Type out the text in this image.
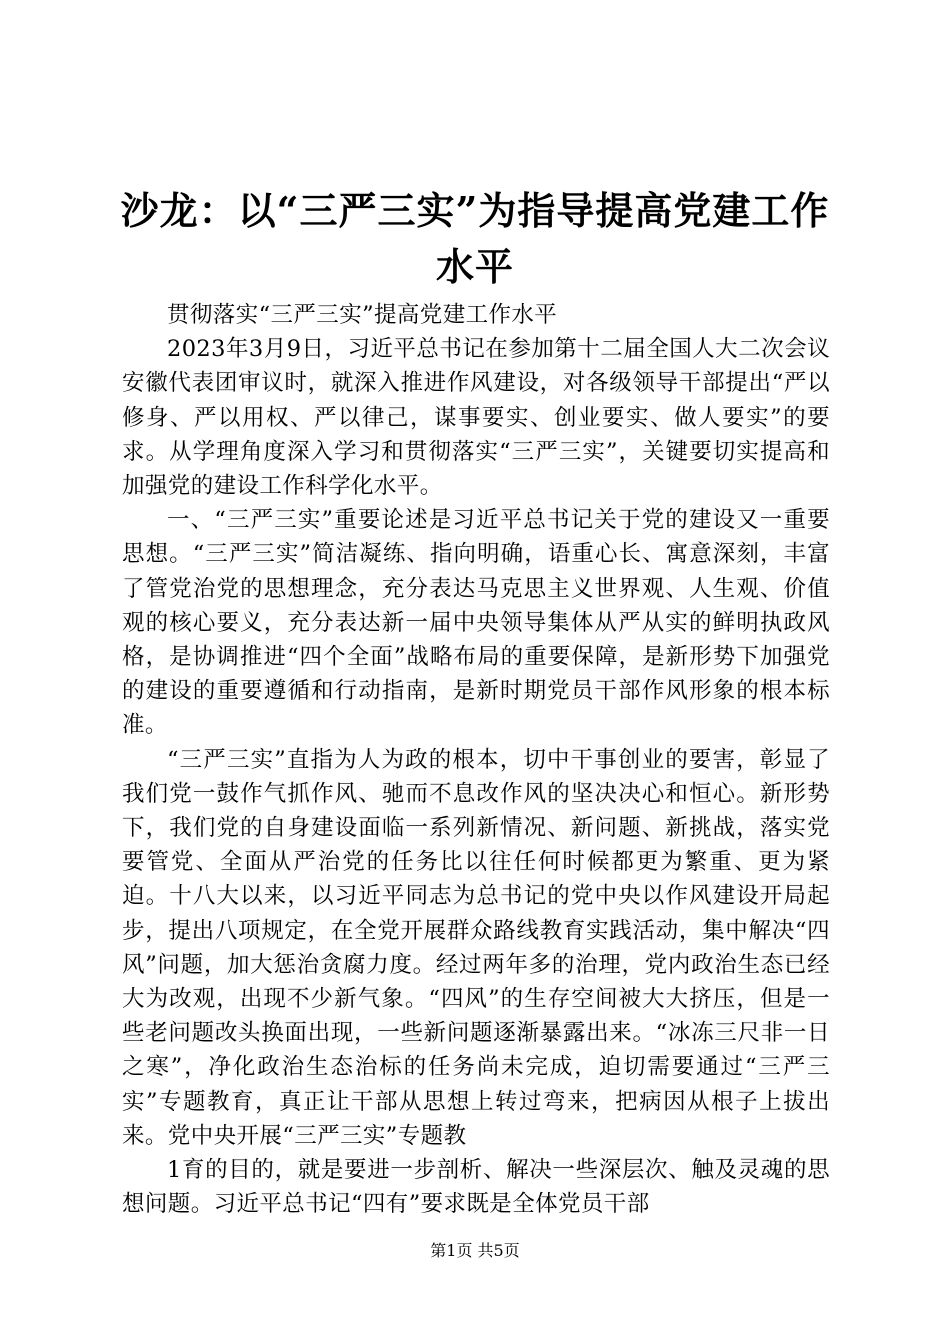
沙龙：以“三严三实”为指导提高党建工作水平

贯彻落实“三严三实”提高党建工作水平

2023年3月9日，习近平总书记在参加第十二届全国人大二次会议安徽代表团审议时，就深入推进作风建设，对各级领导干部提出“严以修身、严以用权、严以律己，谋事要实、创业要实、做人要实”的要求。从学理角度深入学习和贯彻落实“三严三实”，关键要切实提高和加强党的建设工作科学化水平。

一、“三严三实”重要论述是习近平总书记关于党的建设又一重要思想。“三严三实”简洁凝练、指向明确，语重心长、寓意深刻，丰富了管党治党的思想理念，充分表达马克思主义世界观、人生观、价值观的核心要义，充分表达新一届中央领导集体从严从实的鲜明执政风格，是协调推进“四个全面”战略布局的重要保障，是新形势下加强党的建设的重要遵循和行动指南，是新时期党员干部作风形象的根本标准。

“三严三实”直指为人为政的根本，切中干事创业的要害，彰显了我们党一鼓作气抓作风、驰而不息改作风的坚决决心和恒心。新形势下，我们党的自身建设面临一系列新情况、新问题、新挑战，落实党要管党、全面从严治党的任务比以往任何时候都更为繁重、更为紧迫。十八大以来，以习近平同志为总书记的党中央以作风建设开局起步，提出八项规定，在全党开展群众路线教育实践活动，集中解决“四风”问题，加大惩治贪腐力度。经过两年多的治理，党内政治生态已经大为改观，出现不少新气象。“四风”的生存空间被大大挤压，但是一些老问题改头换面出现，一些新问题逐渐暴露出来。“冰冻三尺非一日之寒”，净化政治生态治标的任务尚未完成，迫切需要通过“三严三实”专题教育，真正让干部从思想上转过弯来，把病因从根子上拔出来。党中央开展“三严三实”专题教

1育的目的，就是要进一步剖析、解决一些深层次、触及灵魂的思想问题。习近平总书记“四有”要求既是全体党员干部

第1页 共5页
